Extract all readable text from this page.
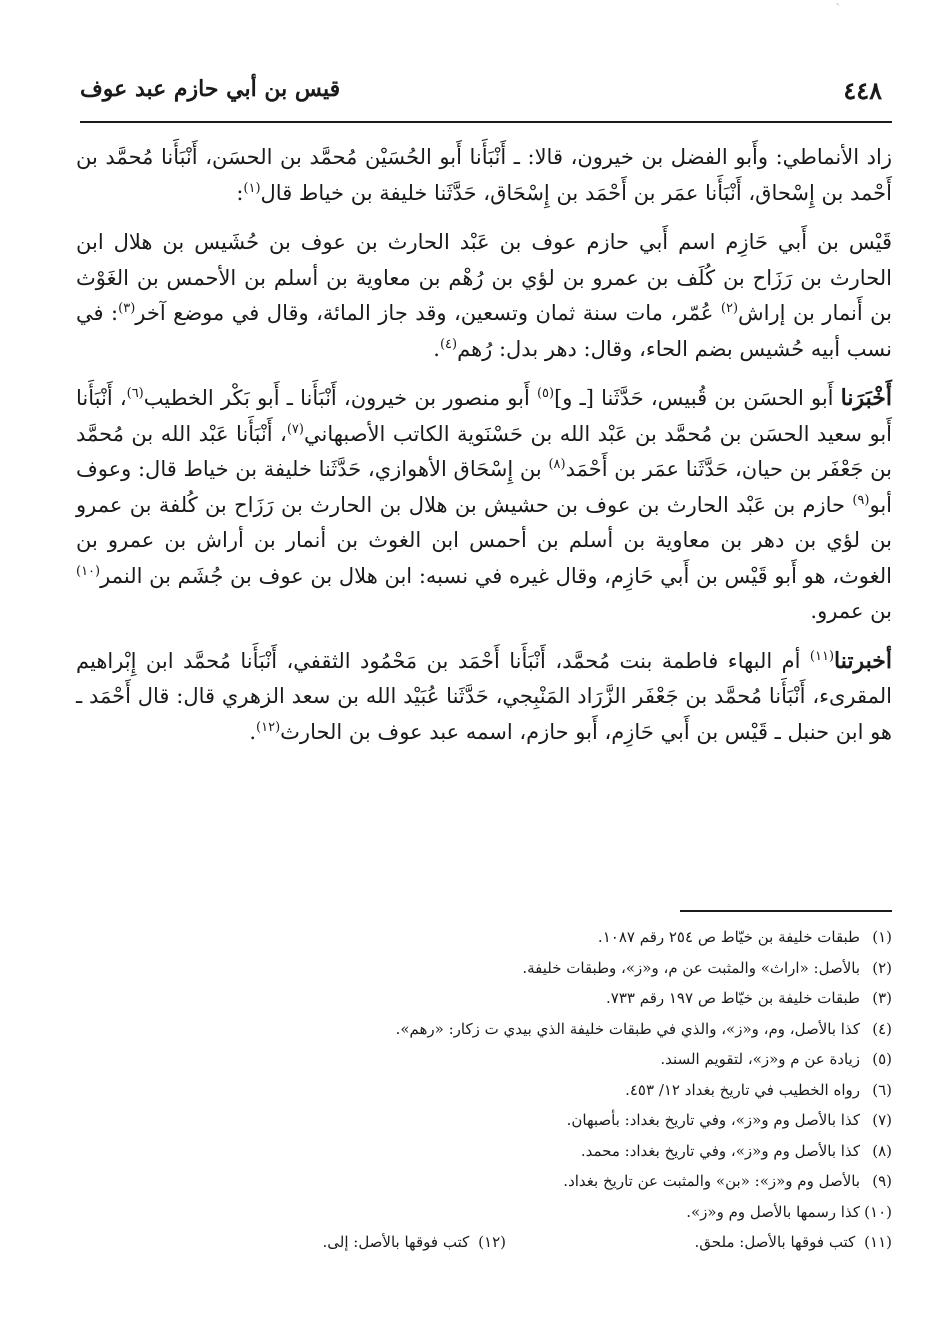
٤٤٨
قيس بن أبي حازم عبد عوف

زاد الأنماطي: وأَبو الفضل بن خيرون، قالا: ـ أَنْبَأَنا أَبو الحُسَيْن مُحمَّد بن الحسَن، أَنْبَأَنا مُحمَّد بن أَحْمد بن إِسْحاق، أَنْبَأَنا عمَر بن أَحْمَد بن إِسْحَاق، حَدَّثَنا خليفة بن خياط قال$^{(١)}$:

قَيْس بن أَبي حَازِم اسم أَبي حازم عوف بن عَبْد الحارث بن عوف بن حُشَيس بن هلال ابن الحارث بن رَزَاح بن كُلَف بن عمرو بن لؤي بن رُهْم بن معاوية بن أسلم بن الأحمس بن الغَوْث بن أَنمار بن إراش$^{(٢)}$ عُمّر، مات سنة ثمان وتسعين، وقد جاز المائة، وقال في موضع آخر$^{(٣)}$: في نسب أبيه حُشيس بضم الحاء، وقال: دهر بدل: رُهم$^{(٤)}$.

أَخْبَرَنا أَبو الحسَن بن قُبيس، حَدَّثَنا [ـ و]$^{(٥)}$ أَبو منصور بن خيرون، أَنْبَأَنا ـ أَبو بَكْر الخطيب$^{(٦)}$، أَنْبَأَنا أَبو سعيد الحسَن بن مُحمَّد بن عَبْد الله بن حَسْنَوية الكاتب الأصبهاني$^{(٧)}$، أَنْبَأَنا عَبْد الله بن مُحمَّد بن جَعْفَر بن حيان، حَدَّثَنا عمَر بن أَحْمَد$^{(٨)}$ بن إِسْحَاق الأهوازي، حَدَّثَنا خليفة بن خياط قال: وعوف أبو$^{(٩)}$ حازم بن عَبْد الحارث بن عوف بن حشيش بن هلال بن الحارث بن رَزَاح بن كُلفة بن عمرو بن لؤي بن دهر بن معاوية بن أسلم بن أحمس ابن الغوث بن أنمار بن أراش بن عمرو بن الغوث، هو أَبو قَيْس بن أَبي حَازِم، وقال غيره في نسبه: ابن هلال بن عوف بن جُشَم بن النمر$^{(١٠)}$ بن عمرو.

أخبرتنا$^{(١١)}$ أم البهاء فاطمة بنت مُحمَّد، أَنْبَأَنا أَحْمَد بن مَحْمُود الثقفي، أَنْبَأَنا مُحمَّد ابن إِبْراهيم المقرىء، أَنْبَأَنا مُحمَّد بن جَعْفَر الزَّرَاد المَنْبِجي، حَدَّثَنا عُبَيْد الله بن سعد الزهري قال: قال أَحْمَد ـ هو ابن حنبل ـ قَيْس بن أَبي حَازِم، أَبو حازم، اسمه عبد عوف بن الحارث$^{(١٢)}$.

(١)طبقات خليفة بن خيّاط ص ٢٥٤ رقم ١٠٨٧.
(٢)بالأصل: «اراث» والمثبت عن م، و«ز»، وطبقات خليفة.
(٣)طبقات خليفة بن خيّاط ص ١٩٧ رقم ٧٣٣.
(٤)كذا بالأصل، وم، و«ز»، والذي في طبقات خليفة الذي بيدي ت زكار: «رهم».
(٥)زيادة عن م و«ز»، لتقويم السند.
(٦)رواه الخطيب في تاريخ بغداد ١٢/ ٤٥٣.
(٧)كذا بالأصل وم و«ز»، وفي تاريخ بغداد: بأصبهان.
(٨)كذا بالأصل وم و«ز»، وفي تاريخ بغداد: محمد.
(٩)بالأصل وم و«ز»: «بن» والمثبت عن تاريخ بغداد.
(١٠)كذا رسمها بالأصل وم و«ز».
(١١) كتب فوقها بالأصل: ملحق.
(١٢) كتب فوقها بالأصل: إلى.
`
